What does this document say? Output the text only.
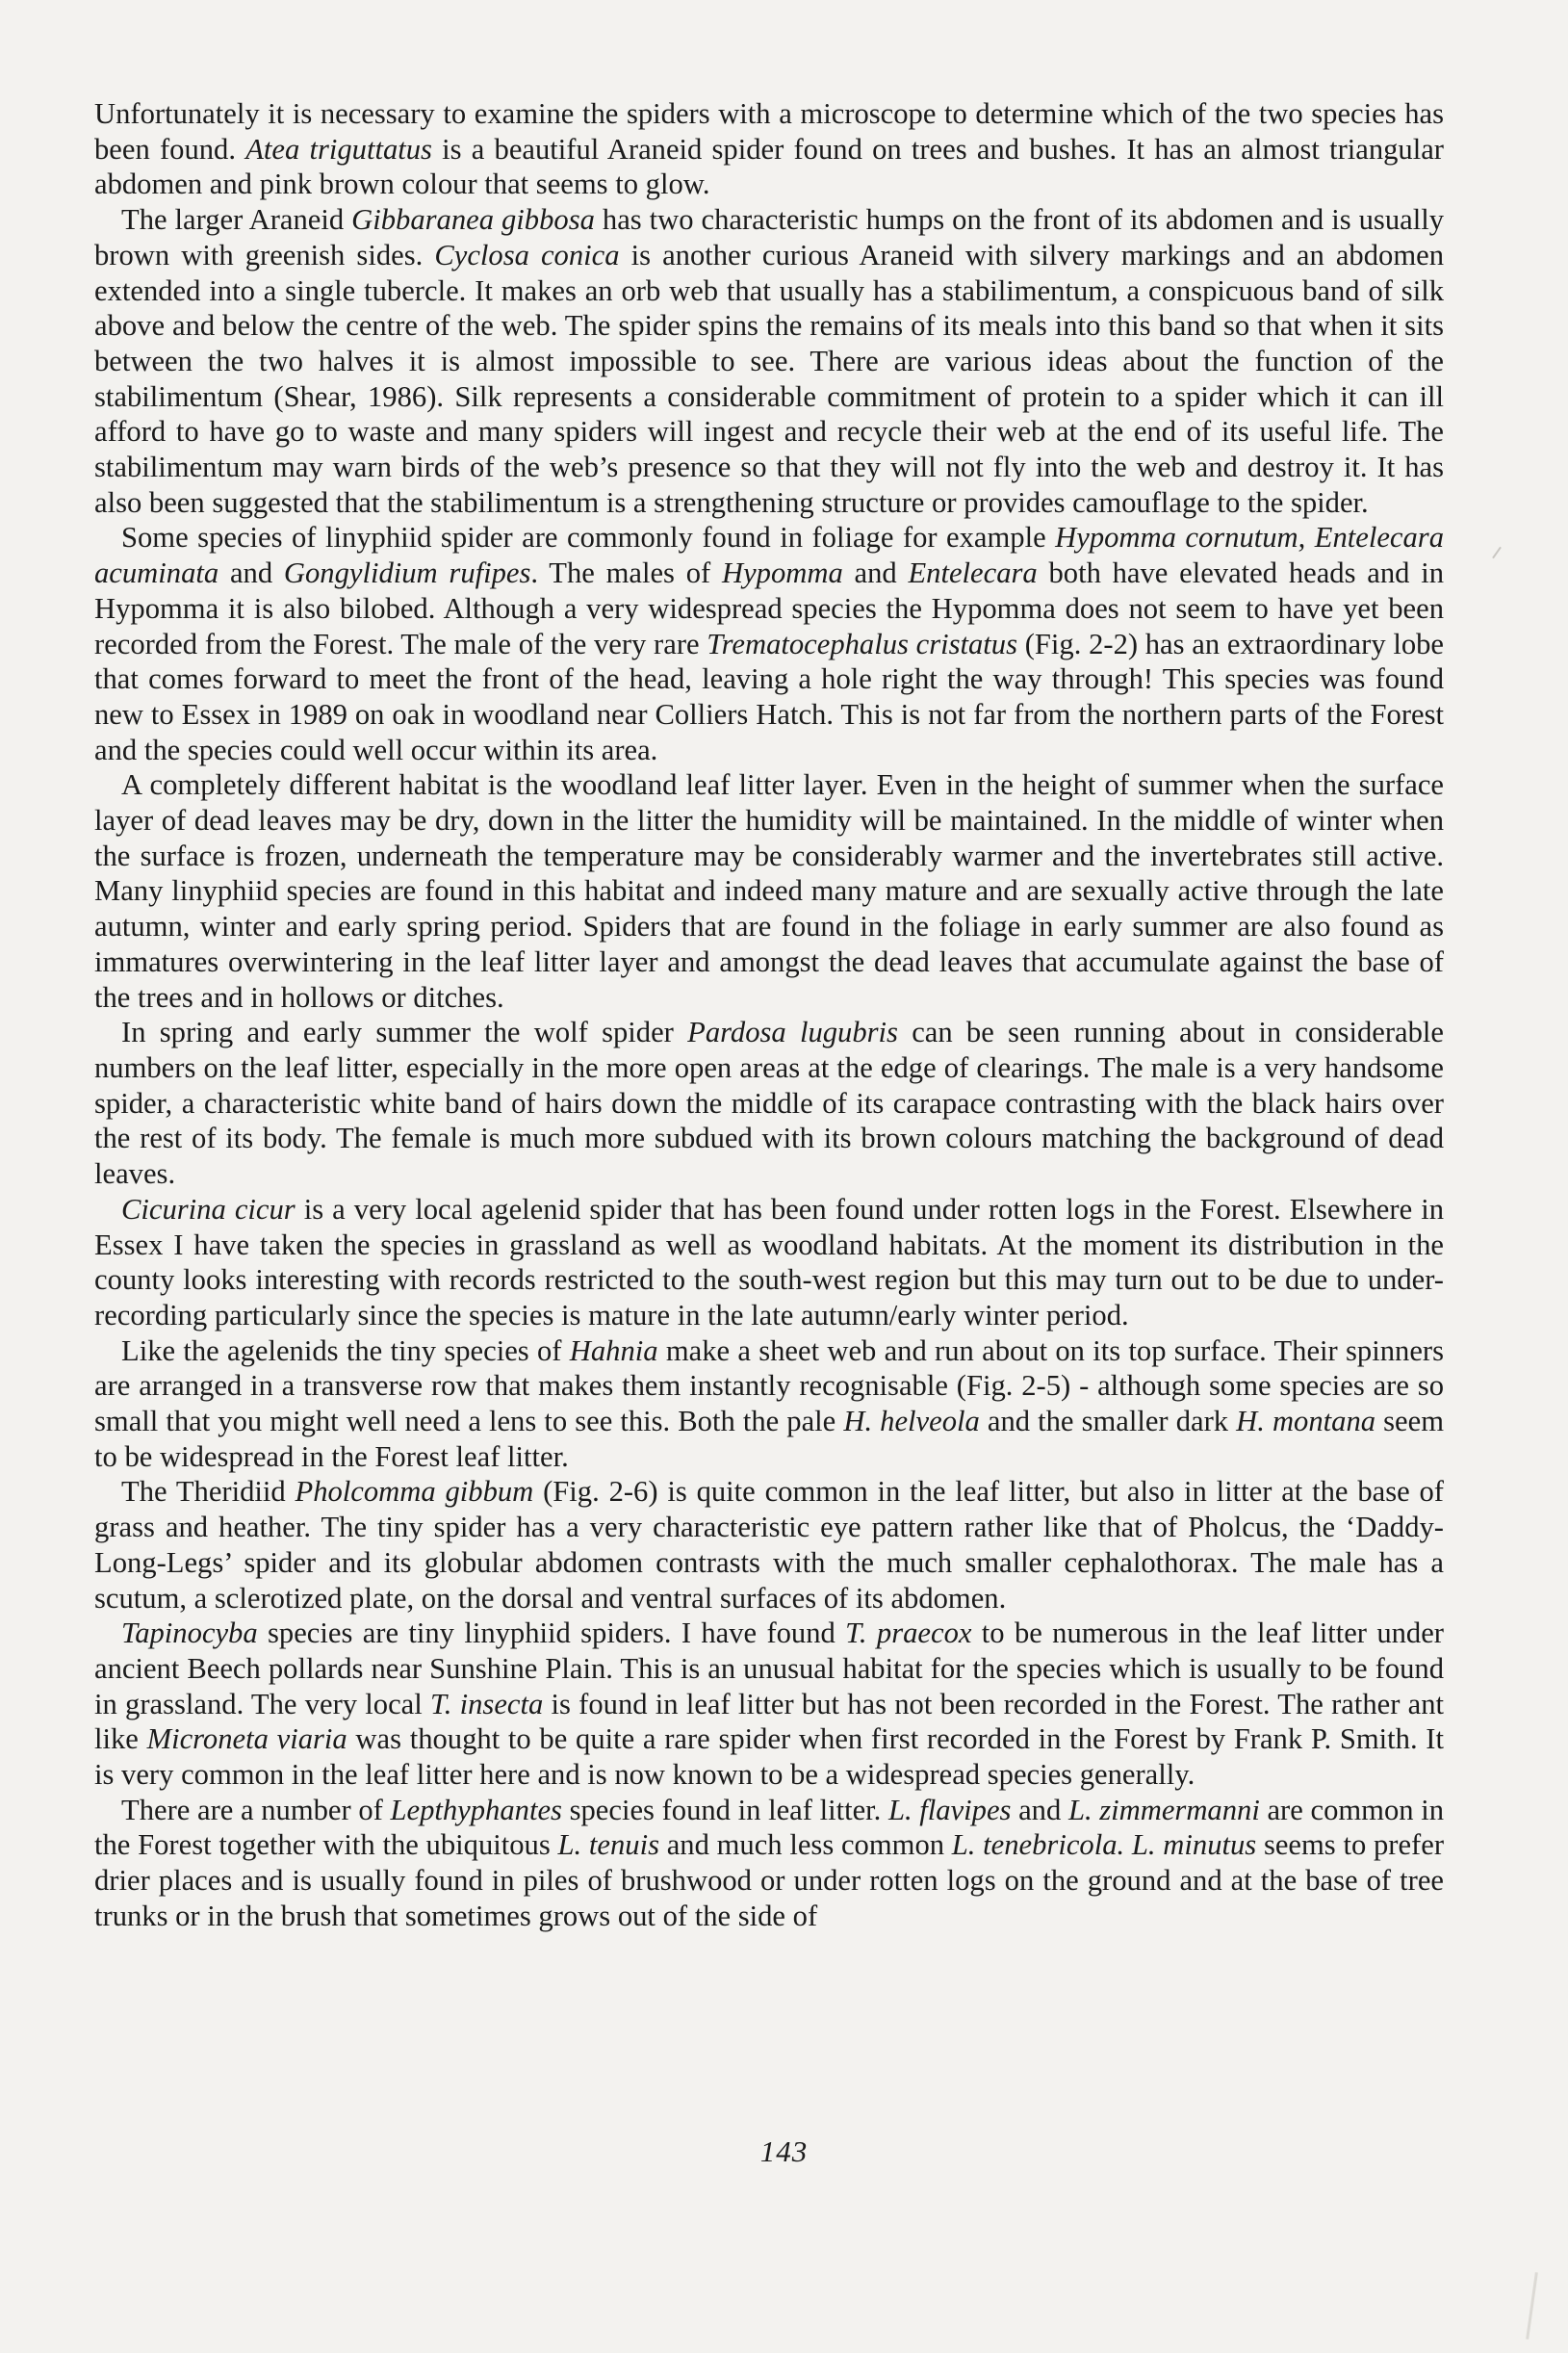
Unfortunately it is necessary to examine the spiders with a microscope to determine which of the two species has been found. Atea triguttatus is a beautiful Araneid spider found on trees and bushes. It has an almost triangular abdomen and pink brown colour that seems to glow.

The larger Araneid Gibbaranea gibbosa has two characteristic humps on the front of its abdomen and is usually brown with greenish sides. Cyclosa conica is another curious Araneid with silvery markings and an abdomen extended into a single tubercle. It makes an orb web that usually has a stabilimentum, a conspicuous band of silk above and below the centre of the web. The spider spins the remains of its meals into this band so that when it sits between the two halves it is almost impossible to see. There are various ideas about the function of the stabilimentum (Shear, 1986). Silk represents a considerable commitment of protein to a spider which it can ill afford to have go to waste and many spiders will ingest and recycle their web at the end of its useful life. The stabilimentum may warn birds of the web’s presence so that they will not fly into the web and destroy it. It has also been suggested that the stabilimentum is a strengthening structure or provides camouflage to the spider.

Some species of linyphiid spider are commonly found in foliage for example Hypomma cornutum, Entelecara acuminata and Gongylidium rufipes. The males of Hypomma and Entelecara both have elevated heads and in Hypomma it is also bilobed. Although a very widespread species the Hypomma does not seem to have yet been recorded from the Forest. The male of the very rare Trematocephalus cristatus (Fig. 2-2) has an extraordinary lobe that comes forward to meet the front of the head, leaving a hole right the way through! This species was found new to Essex in 1989 on oak in woodland near Colliers Hatch. This is not far from the northern parts of the Forest and the species could well occur within its area.

A completely different habitat is the woodland leaf litter layer. Even in the height of summer when the surface layer of dead leaves may be dry, down in the litter the humidity will be maintained. In the middle of winter when the surface is frozen, underneath the temperature may be considerably warmer and the invertebrates still active. Many linyphiid species are found in this habitat and indeed many mature and are sexually active through the late autumn, winter and early spring period. Spiders that are found in the foliage in early summer are also found as immatures overwintering in the leaf litter layer and amongst the dead leaves that accumulate against the base of the trees and in hollows or ditches.

In spring and early summer the wolf spider Pardosa lugubris can be seen running about in considerable numbers on the leaf litter, especially in the more open areas at the edge of clearings. The male is a very handsome spider, a characteristic white band of hairs down the middle of its carapace contrasting with the black hairs over the rest of its body. The female is much more subdued with its brown colours matching the background of dead leaves.

Cicurina cicur is a very local agelenid spider that has been found under rotten logs in the Forest. Elsewhere in Essex I have taken the species in grassland as well as woodland habitats. At the moment its distribution in the county looks interesting with records restricted to the south-west region but this may turn out to be due to under-recording particularly since the species is mature in the late autumn/early winter period.

Like the agelenids the tiny species of Hahnia make a sheet web and run about on its top surface. Their spinners are arranged in a transverse row that makes them instantly recognisable (Fig. 2-5) - although some species are so small that you might well need a lens to see this. Both the pale H. helveola and the smaller dark H. montana seem to be widespread in the Forest leaf litter.

The Theridiid Pholcomma gibbum (Fig. 2-6) is quite common in the leaf litter, but also in litter at the base of grass and heather. The tiny spider has a very characteristic eye pattern rather like that of Pholcus, the ‘Daddy-Long-Legs’ spider and its globular abdomen contrasts with the much smaller cephalothorax. The male has a scutum, a sclerotized plate, on the dorsal and ventral surfaces of its abdomen.

Tapinocyba species are tiny linyphiid spiders. I have found T. praecox to be numerous in the leaf litter under ancient Beech pollards near Sunshine Plain. This is an unusual habitat for the species which is usually to be found in grassland. The very local T. insecta is found in leaf litter but has not been recorded in the Forest. The rather ant like Microneta viaria was thought to be quite a rare spider when first recorded in the Forest by Frank P. Smith. It is very common in the leaf litter here and is now known to be a widespread species generally.

There are a number of Lepthyphantes species found in leaf litter. L. flavipes and L. zimmermanni are common in the Forest together with the ubiquitous L. tenuis and much less common L. tenebricola. L. minutus seems to prefer drier places and is usually found in piles of brushwood or under rotten logs on the ground and at the base of tree trunks or in the brush that sometimes grows out of the side of

143
